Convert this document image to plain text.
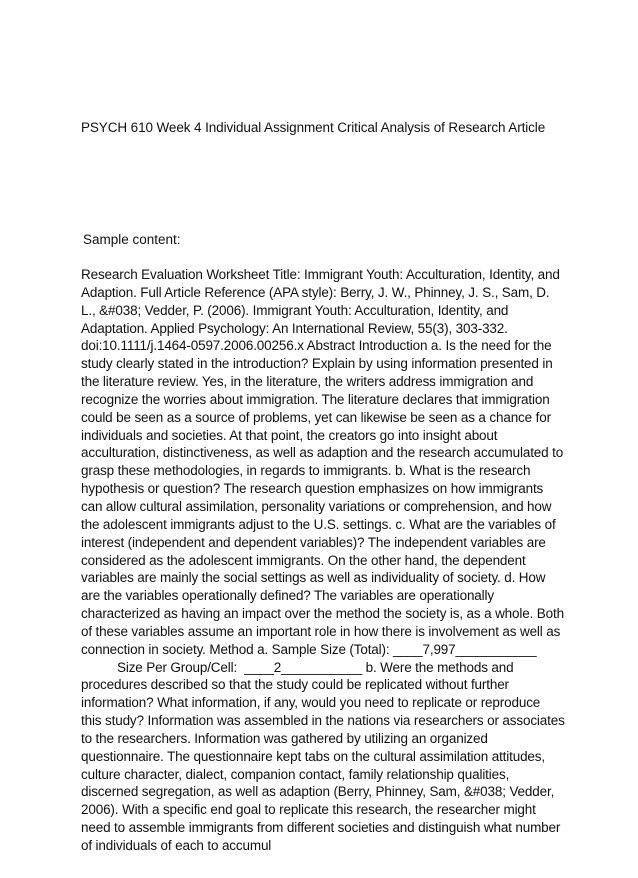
PSYCH 610 Week 4 Individual Assignment Critical Analysis of Research Article
Sample content:
Research Evaluation Worksheet Title: Immigrant Youth: Acculturation, Identity, and
Adaption. Full Article Reference (APA style): Berry, J. W., Phinney, J. S., Sam, D.
L., &#038; Vedder, P. (2006). Immigrant Youth: Acculturation, Identity, and
Adaptation. Applied Psychology: An International Review, 55(3), 303-332.
doi:10.1111/j.1464-0597.2006.00256.x Abstract Introduction a. Is the need for the
study clearly stated in the introduction? Explain by using information presented in
the literature review. Yes, in the literature, the writers address immigration and
recognize the worries about immigration. The literature declares that immigration
could be seen as a source of problems, yet can likewise be seen as a chance for
individuals and societies. At that point, the creators go into insight about
acculturation, distinctiveness, as well as adaption and the research accumulated to
grasp these methodologies, in regards to immigrants. b. What is the research
hypothesis or question? The research question emphasizes on how immigrants
can allow cultural assimilation, personality variations or comprehension, and how
the adolescent immigrants adjust to the U.S. settings. c. What are the variables of
interest (independent and dependent variables)? The independent variables are
considered as the adolescent immigrants. On the other hand, the dependent
variables are mainly the social settings as well as individuality of society. d. How
are the variables operationally defined? The variables are operationally
characterized as having an impact over the method the society is, as a whole. Both
of these variables assume an important role in how there is involvement as well as
connection in society. Method a. Sample Size (Total): ____7,997___________
Size Per Group/Cell:  ____2___________ b. Were the methods and
procedures described so that the study could be replicated without further
information? What information, if any, would you need to replicate or reproduce
this study? Information was assembled in the nations via researchers or associates
to the researchers. Information was gathered by utilizing an organized
questionnaire. The questionnaire kept tabs on the cultural assimilation attitudes,
culture character, dialect, companion contact, family relationship qualities,
discerned segregation, as well as adaption (Berry, Phinney, Sam, &#038; Vedder,
2006). With a specific end goal to replicate this research, the researcher might
need to assemble immigrants from different societies and distinguish what number
of individuals of each to accumul
